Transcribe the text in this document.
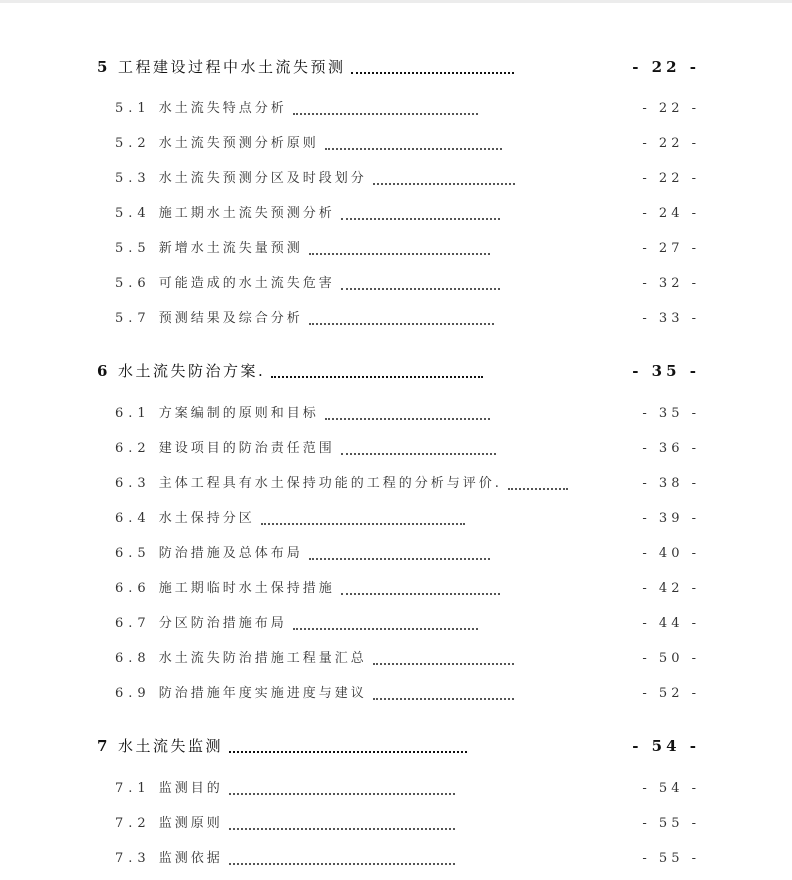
5 工程建设过程中水土流失预测	- 22 -
5.1 水土流失特点分析	- 22 -
5.2 水土流失预测分析原则	- 22 -
5.3 水土流失预测分区及时段划分	- 22 -
5.4 施工期水土流失预测分析	- 24 -
5.5 新增水土流失量预测	- 27 -
5.6 可能造成的水土流失危害	- 32 -
5.7 预测结果及综合分析	- 33 -
6 水土流失防治方案.	- 35 -
6.1 方案编制的原则和目标	- 35 -
6.2 建设项目的防治责任范围	- 36 -
6.3 主体工程具有水土保持功能的工程的分析与评价.	- 38 -
6.4 水土保持分区	- 39 -
6.5 防治措施及总体布局	- 40 -
6.6 施工期临时水土保持措施	- 42 -
6.7 分区防治措施布局	- 44 -
6.8 水土流失防治措施工程量汇总	- 50 -
6.9 防治措施年度实施进度与建议	- 52 -
7 水土流失监测	- 54 -
7.1 监测目的	- 54 -
7.2 监测原则	- 55 -
7.3 监测依据	- 55 -
